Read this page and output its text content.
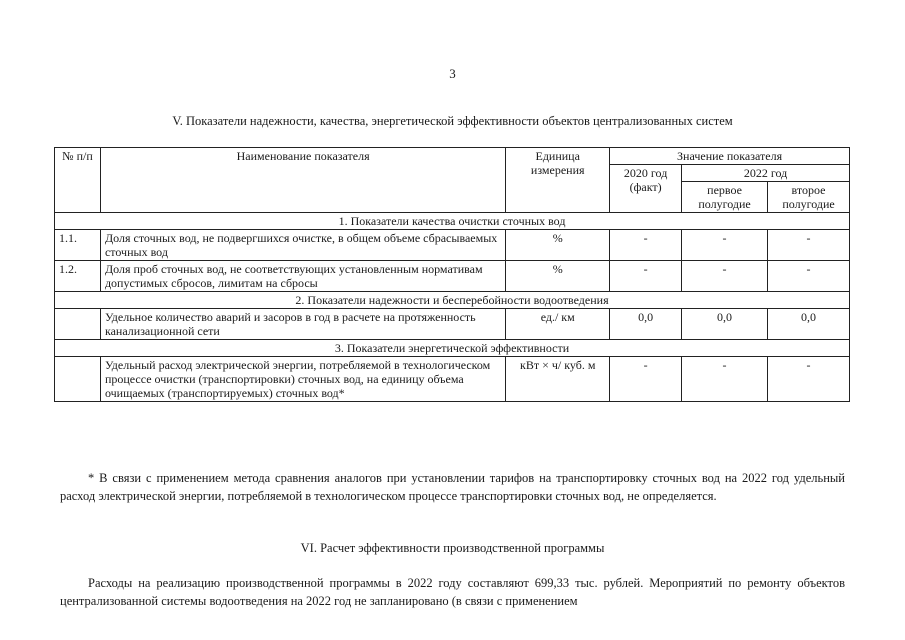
3
V. Показатели надежности, качества, энергетической эффективности объектов централизованных систем
№ п/п	Наименование показателя	Единица измерения	Значение показателя		
			2020 год (факт)	2022 год	
				первое полугодие	второе полугодие
1. Показатели качества очистки сточных вод					
1.1.	Доля сточных вод, не подвергшихся очистке, в общем объеме сбрасываемых сточных вод	%	-	-	-
1.2.	Доля проб сточных вод, не соответствующих установленным нормативам допустимых сбросов, лимитам на сбросы	%	-	-	-
2. Показатели надежности и бесперебойности водоотведения					
	Удельное количество аварий и засоров в год в расчете на протяженность канализационной сети	ед./ км	0,0	0,0	0,0
3. Показатели энергетической эффективности					
	Удельный расход электрической энергии, потребляемой в технологическом процессе очистки (транспортировки) сточных вод, на единицу объема очищаемых (транспортируемых) сточных вод*	кВт × ч/ куб. м	-	-	-
* В связи с применением метода сравнения аналогов при установлении тарифов на транспортировку сточных вод на 2022 год удельный расход электрической энергии, потребляемой в технологическом процессе транспортировки сточных вод, не определяется.
VI. Расчет эффективности производственной программы
Расходы на реализацию производственной программы в 2022 году составляют 699,33 тыс. рублей. Мероприятий по ремонту объектов централизованной системы водоотведения на 2022 год не запланировано (в связи с применением
